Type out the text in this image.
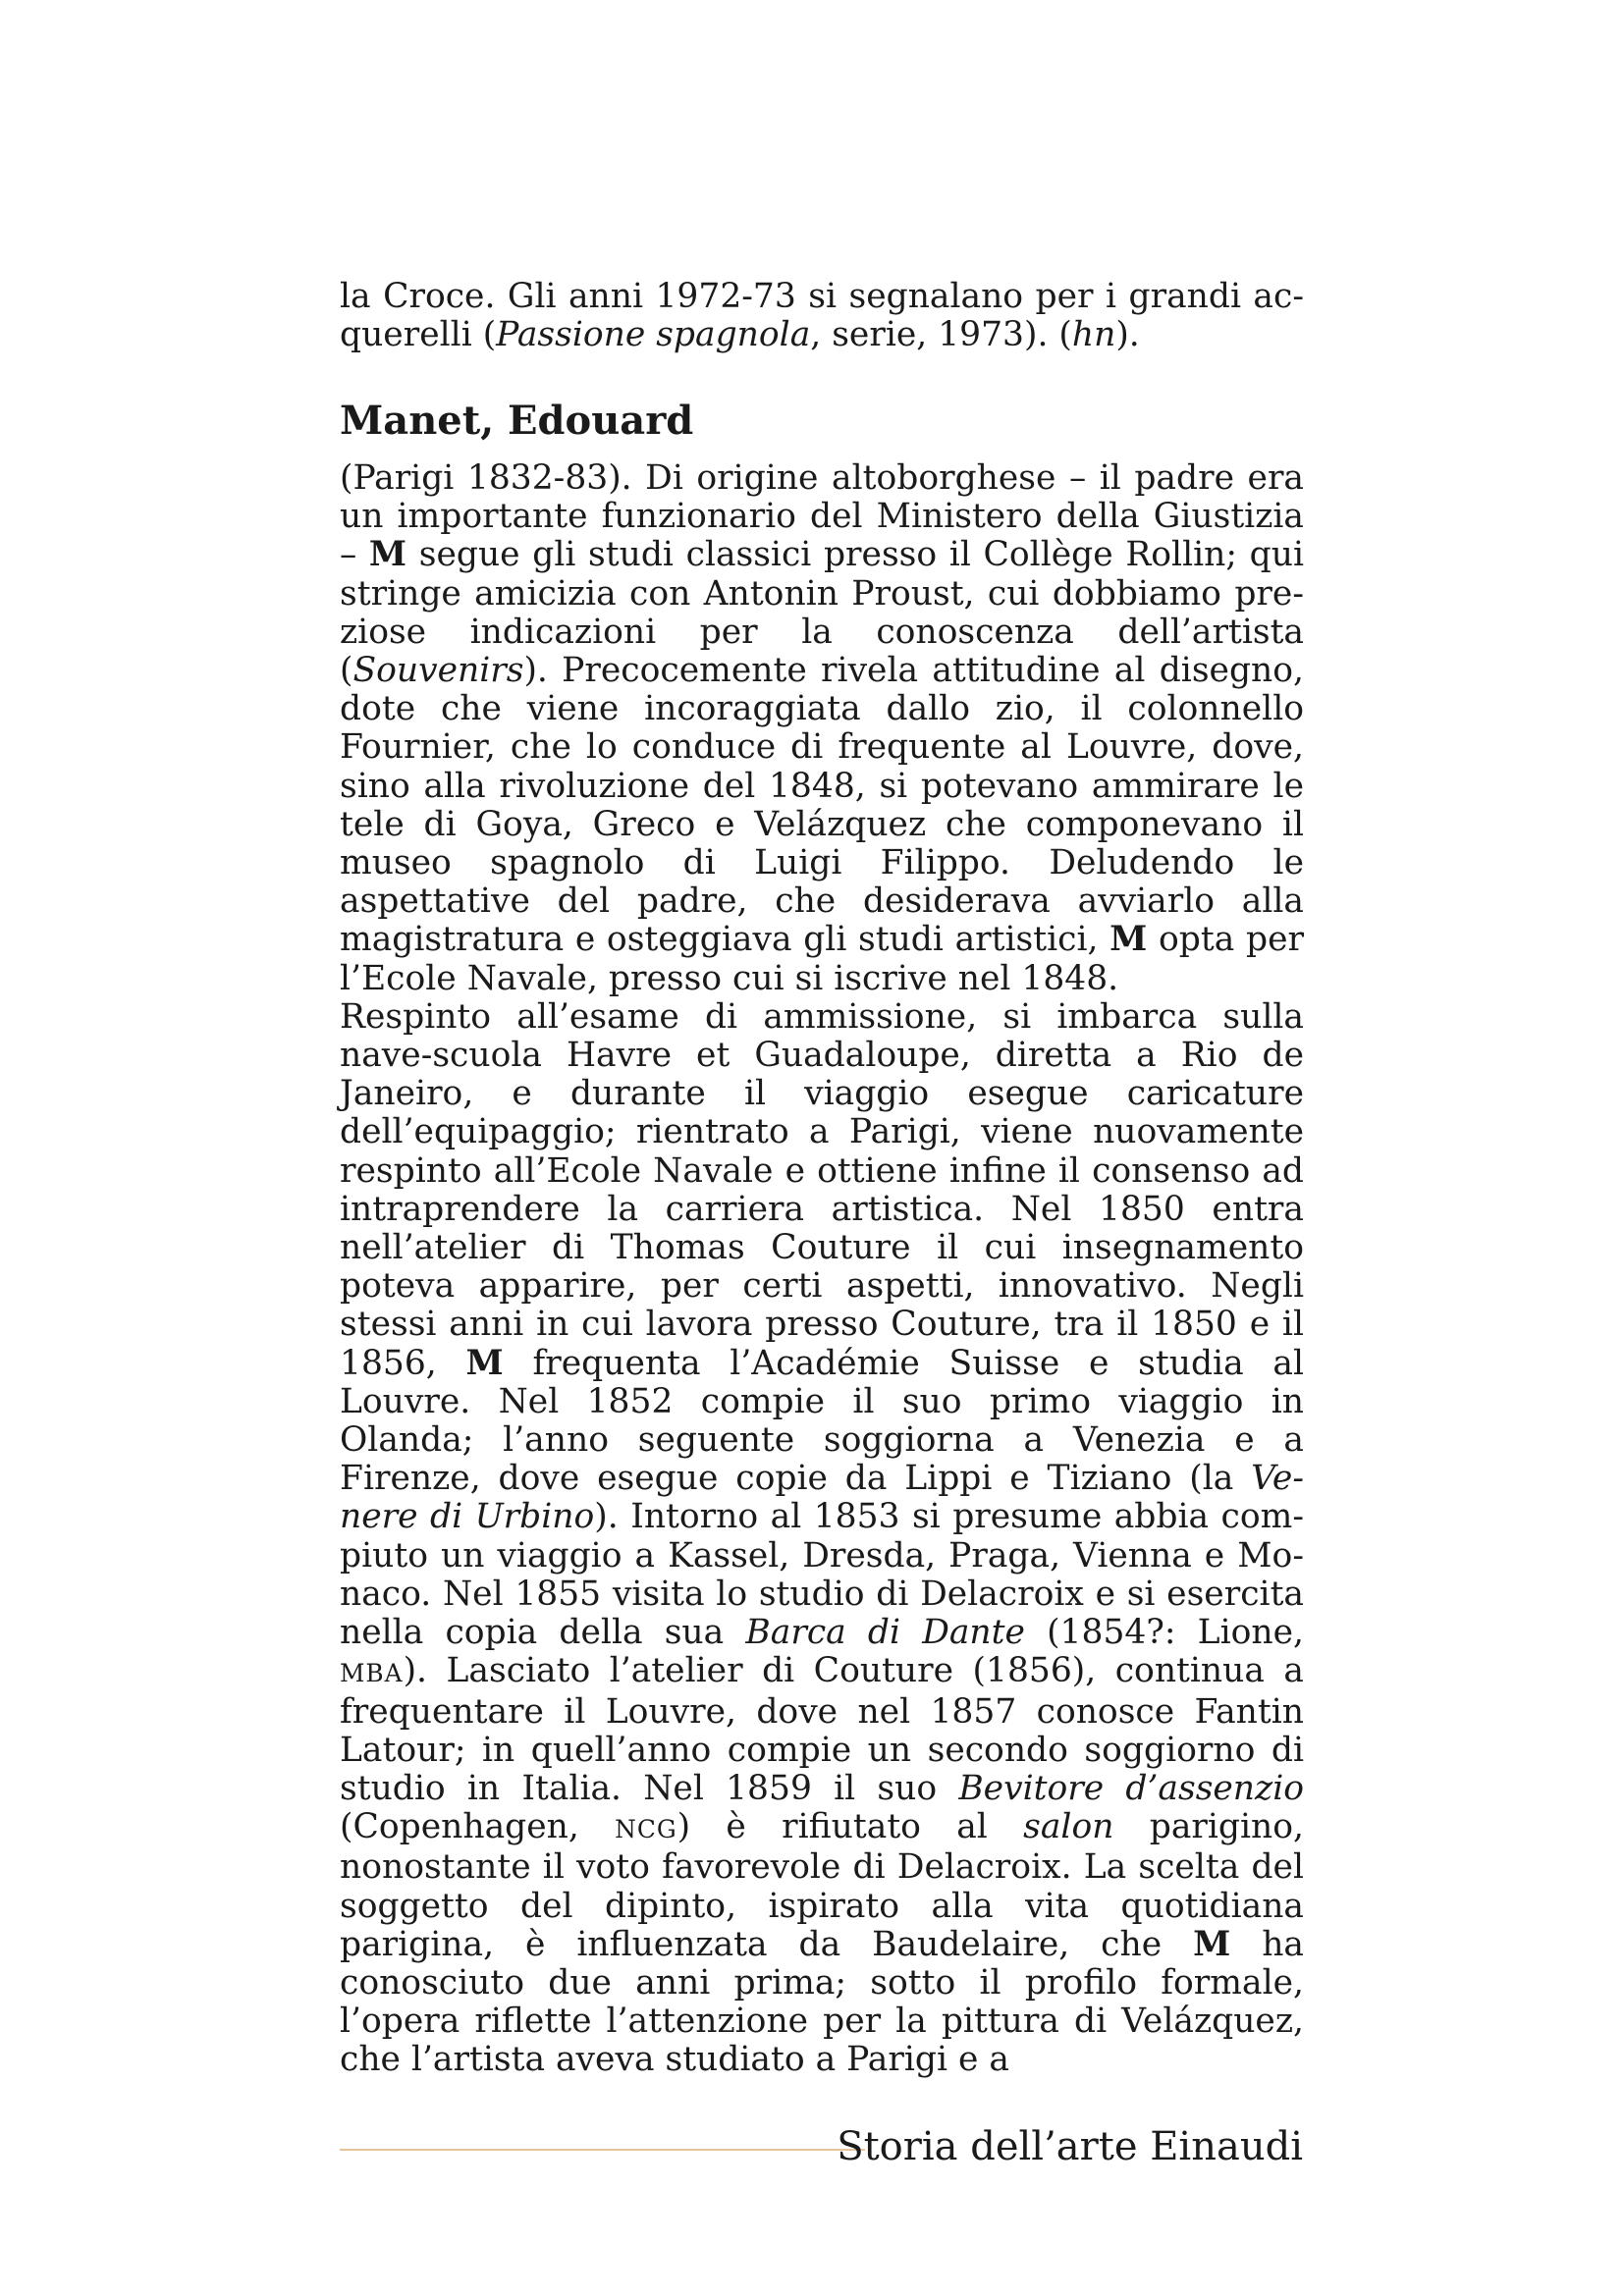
la Croce. Gli anni 1972-73 si segnalano per i grandi acquerelli (Passione spagnola, serie, 1973). (hn).
Manet, Edouard

(Parigi 1832-83). Di origine altoborghese – il padre era un importante funzionario del Ministero della Giustizia – M segue gli studi classici presso il Collège Rollin; qui stringe amicizia con Antonin Proust, cui dobbiamo preziose indicazioni per la conoscenza dell’artista (Souvenirs). Precocemente rivela attitudine al disegno, dote che viene incoraggiata dallo zio, il colonnello Fournier, che lo conduce di frequente al Louvre, dove, sino alla rivoluzione del 1848, si potevano ammirare le tele di Goya, Greco e Velázquez che componevano il museo spagnolo di Luigi Filippo. Deludendo le aspettative del padre, che desiderava avviarlo alla magistratura e osteggiava gli studi artistici, M opta per l’Ecole Navale, presso cui si iscrive nel 1848.

Respinto all’esame di ammissione, si imbarca sulla nave-scuola Havre et Guadaloupe, diretta a Rio de Janeiro, e durante il viaggio esegue caricature dell’equipaggio; rientrato a Parigi, viene nuovamente respinto all’Ecole Navale e ottiene infine il consenso ad intraprendere la carriera artistica. Nel 1850 entra nell’atelier di Thomas Couture il cui insegnamento poteva apparire, per certi aspetti, innovativo. Negli stessi anni in cui lavora presso Couture, tra il 1850 e il 1856, M frequenta l’Académie Suisse e studia al Louvre. Nel 1852 compie il suo primo viaggio in Olanda; l’anno seguente soggiorna a Venezia e a Firenze, dove esegue copie da Lippi e Tiziano (la Venere di Urbino). Intorno al 1853 si presume abbia compiuto un viaggio a Kassel, Dresda, Praga, Vienna e Monaco. Nel 1855 visita lo studio di Delacroix e si esercita nella copia della sua Barca di Dante (1854?: Lione, MBA). Lasciato l’atelier di Couture (1856), continua a frequentare il Louvre, dove nel 1857 conosce Fantin Latour; in quell’anno compie un secondo soggiorno di studio in Italia. Nel 1859 il suo Bevitore d’assenzio (Copenhagen, NCG) è rifiutato al salon parigino, nonostante il voto favorevole di Delacroix. La scelta del soggetto del dipinto, ispirato alla vita quotidiana parigina, è influenzata da Baudelaire, che M ha conosciuto due anni prima; sotto il profilo formale, l’opera riflette l’attenzione per la pittura di Velázquez, che l’artista aveva studiato a Parigi e a

Storia dell’arte Einaudi
